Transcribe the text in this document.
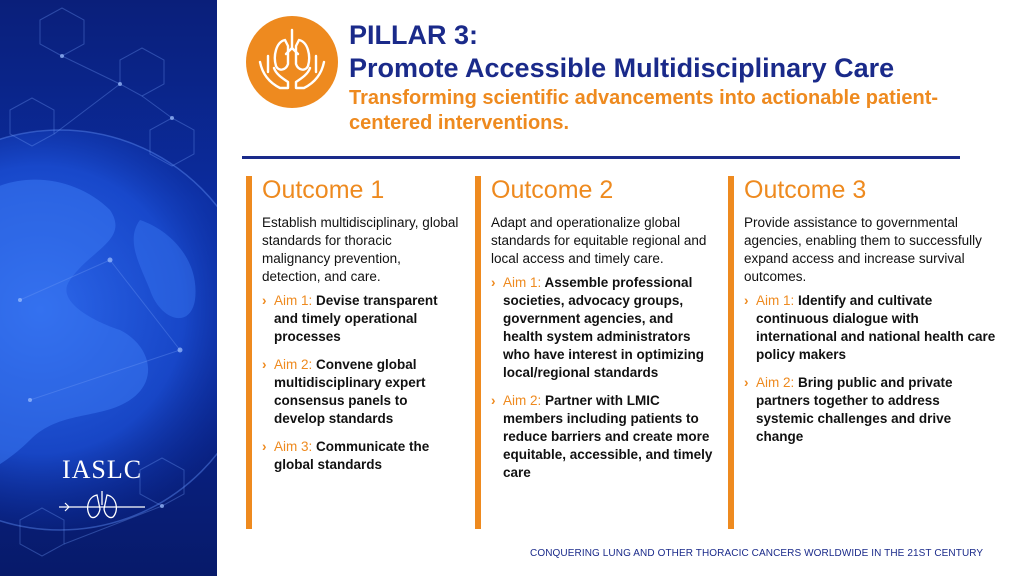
IASLC
PILLAR 3:
Promote Accessible Multidisciplinary Care
Transforming scientific advancements into actionable patient-centered interventions.
Outcome 1
Establish multidisciplinary, global standards for thoracic malignancy prevention, detection, and care.
› Aim 1: Devise transparent and timely operational processes
› Aim 2: Convene global multidisciplinary expert consensus panels to develop standards
› Aim 3: Communicate the global standards
Outcome 2
Adapt and operationalize global standards for equitable regional and local access and timely care.
› Aim 1: Assemble professional societies, advocacy groups, government agencies, and health system administrators who have interest in optimizing local/regional standards
› Aim 2: Partner with LMIC members including patients to reduce barriers and create more equitable, accessible, and timely care
Outcome 3
Provide assistance to governmental agencies, enabling them to successfully expand access and increase survival outcomes.
› Aim 1: Identify and cultivate continuous dialogue with international and national health care policy makers
› Aim 2: Bring public and private partners together to address systemic challenges and drive change
CONQUERING LUNG AND OTHER THORACIC CANCERS WORLDWIDE IN THE 21ST CENTURY
